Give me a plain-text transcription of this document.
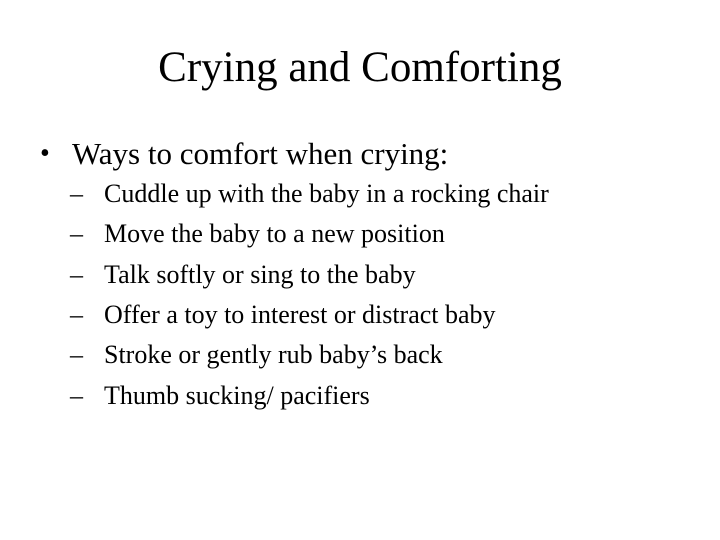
Crying and Comforting
• Ways to comfort when crying:
– Cuddle up with the baby in a rocking chair
– Move the baby to a new position
– Talk softly or sing to the baby
– Offer a toy to interest or distract baby
– Stroke or gently rub baby’s back
– Thumb sucking/ pacifiers
